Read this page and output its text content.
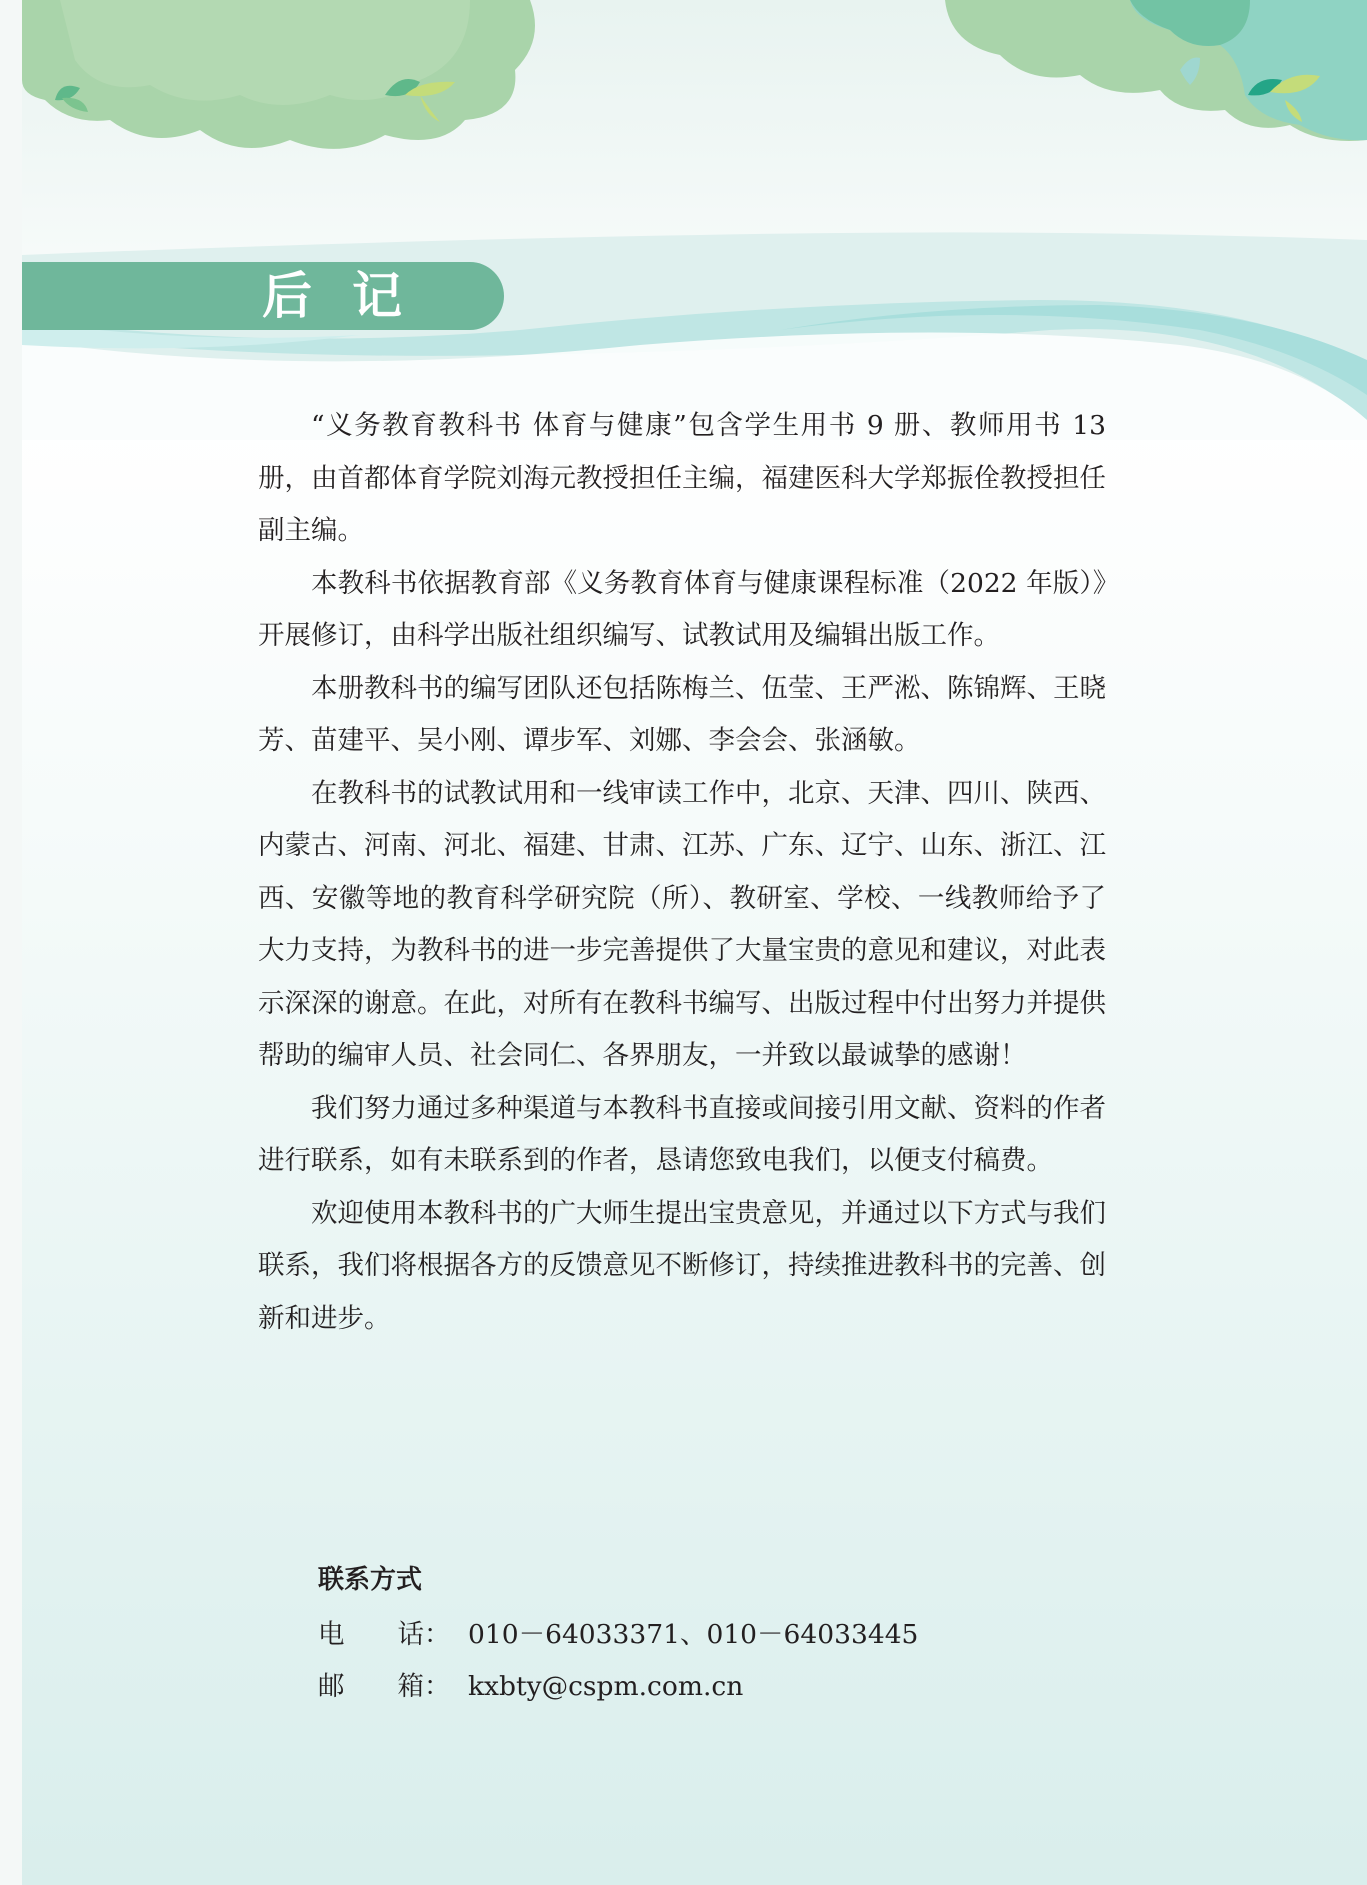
后记

“义务教育教科书 体育与健康”包含学生用书 9 册、教师用书 13 册，由首都体育学院刘海元教授担任主编，福建医科大学郑振佺教授担任副主编。

本教科书依据教育部《义务教育体育与健康课程标准（2022 年版）》开展修订，由科学出版社组织编写、试教试用及编辑出版工作。

本册教科书的编写团队还包括陈梅兰、伍莹、王严淞、陈锦辉、王晓芳、苗建平、吴小刚、谭步军、刘娜、李会会、张涵敏。

在教科书的试教试用和一线审读工作中，北京、天津、四川、陕西、内蒙古、河南、河北、福建、甘肃、江苏、广东、辽宁、山东、浙江、江西、安徽等地的教育科学研究院（所）、教研室、学校、一线教师给予了大力支持，为教科书的进一步完善提供了大量宝贵的意见和建议，对此表示深深的谢意。在此，对所有在教科书编写、出版过程中付出努力并提供帮助的编审人员、社会同仁、各界朋友，一并致以最诚挚的感谢！

我们努力通过多种渠道与本教科书直接或间接引用文献、资料的作者进行联系，如有未联系到的作者，恳请您致电我们，以便支付稿费。

欢迎使用本教科书的广大师生提出宝贵意见，并通过以下方式与我们联系，我们将根据各方的反馈意见不断修订，持续推进教科书的完善、创新和进步。

联系方式
电　　话： 010－64033371、010－64033445
邮　　箱： kxbty@cspm.com.cn
